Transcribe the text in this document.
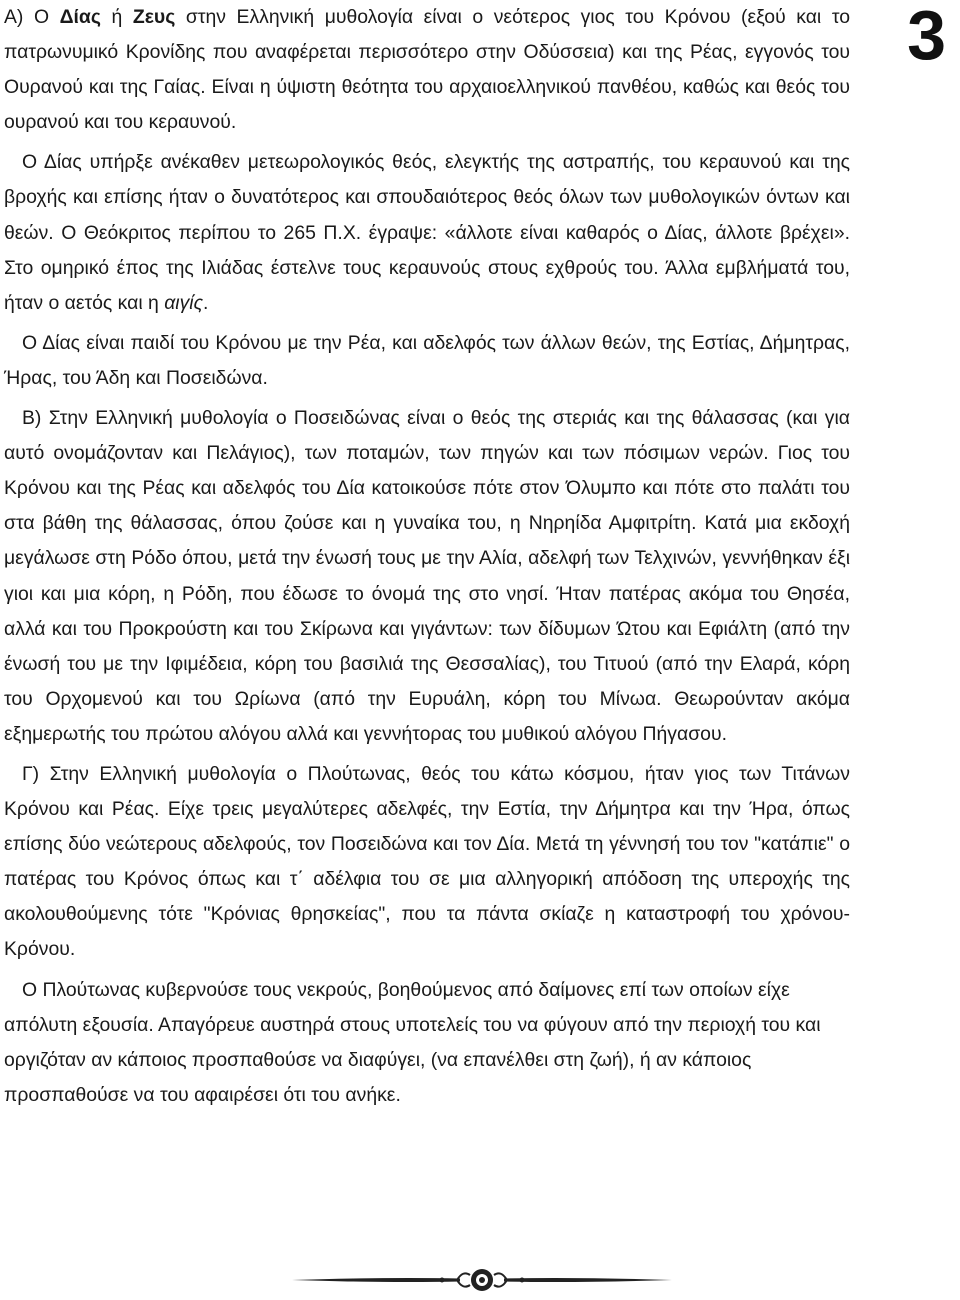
3

Α) Ο Δίας ή Ζευς στην Ελληνική μυθολογία είναι ο νεότερος γιος του Κρόνου (εξού και το πατρωνυμικό Κρονίδης που αναφέρεται περισσότερο στην Οδύσσεια) και της Ρέας, εγγονός του Ουρανού και της Γαίας. Είναι η ύψιστη θεότητα του αρχαιοελληνικού πανθέου, καθώς και θεός του ουρανού και του κεραυνού.

Ο Δίας υπήρξε ανέκαθεν μετεωρολογικός θεός, ελεγκτής της αστραπής, του κεραυνού και της βροχής και επίσης ήταν ο δυνατότερος και σπουδαιότερος θεός όλων των μυθολογικών όντων και θεών. Ο Θεόκριτος περίπου το 265 Π.Χ. έγραψε: «άλλοτε είναι καθαρός ο Δίας, άλλοτε βρέχει». Στο ομηρικό έπος της Ιλιάδας έστελνε τους κεραυνούς στους εχθρούς του. Άλλα εμβλήματά του, ήταν ο αετός και η αιγίς.

Ο Δίας είναι παιδί του Κρόνου με την Ρέα, και αδελφός των άλλων θεών, της Εστίας, Δήμητρας, Ήρας, του Άδη και Ποσειδώνα.

Β) Στην Ελληνική μυθολογία ο Ποσειδώνας είναι ο θεός της στεριάς και της θάλασσας (και για αυτό ονομάζονταν και Πελάγιος), των ποταμών, των πηγών και των πόσιμων νερών. Γιος του Κρόνου και της Ρέας και αδελφός του Δία κατοικούσε πότε στον Όλυμπο και πότε στο παλάτι του στα βάθη της θάλασσας, όπου ζούσε και η γυναίκα του, η Νηρηίδα Αμφιτρίτη. Κατά μια εκδοχή μεγάλωσε στη Ρόδο όπου, μετά την ένωσή τους με την Αλία, αδελφή των Τελχινών, γεννήθηκαν έξι γιοι και μια κόρη, η Ρόδη, που έδωσε το όνομά της στο νησί. Ήταν πατέρας ακόμα του Θησέα, αλλά και του Προκρούστη και του Σκίρωνα και γιγάντων: των δίδυμων Ώτου και Εφιάλτη (από την ένωσή του με την Ιφιμέδεια, κόρη του βασιλιά της Θεσσαλίας), του Τιτυού (από την Ελαρά, κόρη του Ορχομενού και του Ωρίωνα (από την Ευρυάλη, κόρη του Μίνωα. Θεωρούνταν ακόμα εξημερωτής του πρώτου αλόγου αλλά και γεννήτορας του μυθικού αλόγου Πήγασου.

Γ) Στην Ελληνική μυθολογία ο Πλούτωνας, θεός του κάτω κόσμου, ήταν γιος των Τιτάνων Κρόνου και Ρέας. Είχε τρεις μεγαλύτερες αδελφές, την Εστία, την Δήμητρα και την Ήρα, όπως επίσης δύο νεώτερους αδελφούς, τον Ποσειδώνα και τον Δία. Μετά τη γέννησή του τον "κατάπιε" ο πατέρας του Κρόνος όπως και τ΄ αδέλφια του σε μια αλληγορική απόδοση της υπεροχής της ακολουθούμενης τότε "Κρόνιας θρησκείας", που τα πάντα σκίαζε η καταστροφή του χρόνου-Κρόνου.

Ο Πλούτωνας κυβερνούσε τους νεκρούς, βοηθούμενος από δαίμονες επί των οποίων είχε απόλυτη εξουσία. Απαγόρευε αυστηρά στους υποτελείς του να φύγουν από την περιοχή του και οργιζόταν αν κάποιος προσπαθούσε να διαφύγει, (να επανέλθει στη ζωή), ή αν κάποιος προσπαθούσε να του αφαιρέσει ότι του ανήκε.
